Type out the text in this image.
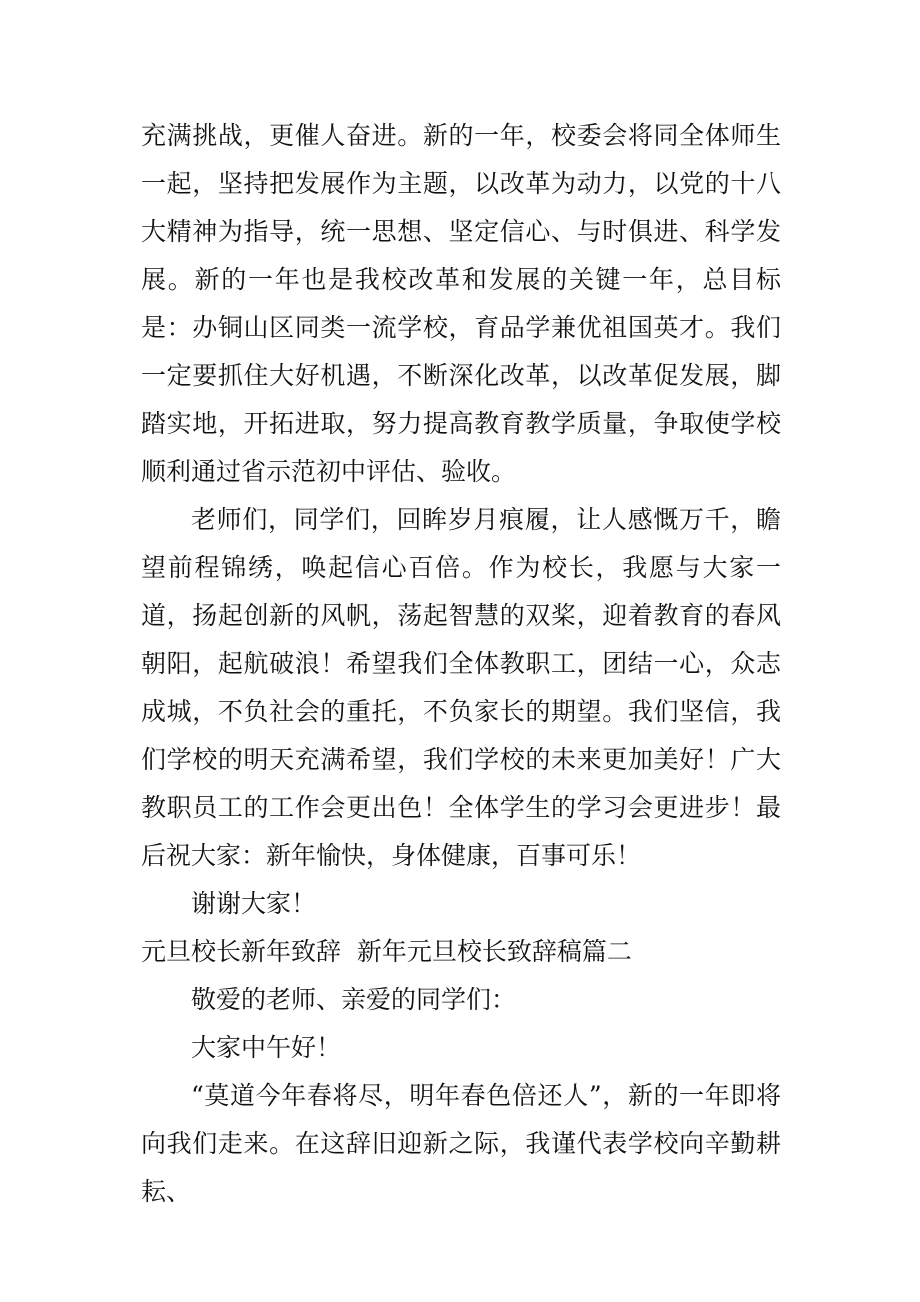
充满挑战，更催人奋进。新的一年，校委会将同全体师生一起，坚持把发展作为主题，以改革为动力，以党的十八大精神为指导，统一思想、坚定信心、与时俱进、科学发展。新的一年也是我校改革和发展的关键一年，总目标是：办铜山区同类一流学校，育品学兼优祖国英才。我们一定要抓住大好机遇，不断深化改革，以改革促发展，脚踏实地，开拓进取，努力提高教育教学质量，争取使学校顺利通过省示范初中评估、验收。

老师们，同学们，回眸岁月痕履，让人感慨万千，瞻望前程锦绣，唤起信心百倍。作为校长，我愿与大家一道，扬起创新的风帆，荡起智慧的双桨，迎着教育的春风朝阳，起航破浪！希望我们全体教职工，团结一心，众志成城，不负社会的重托，不负家长的期望。我们坚信，我们学校的明天充满希望，我们学校的未来更加美好！广大教职员工的工作会更出色！全体学生的学习会更进步！最后祝大家：新年愉快，身体健康，百事可乐！

谢谢大家！

元旦校长新年致辞  新年元旦校长致辞稿篇二

敬爱的老师、亲爱的同学们：

大家中午好！

“莫道今年春将尽，明年春色倍还人”，新的一年即将向我们走来。在这辞旧迎新之际，我谨代表学校向辛勤耕耘、
